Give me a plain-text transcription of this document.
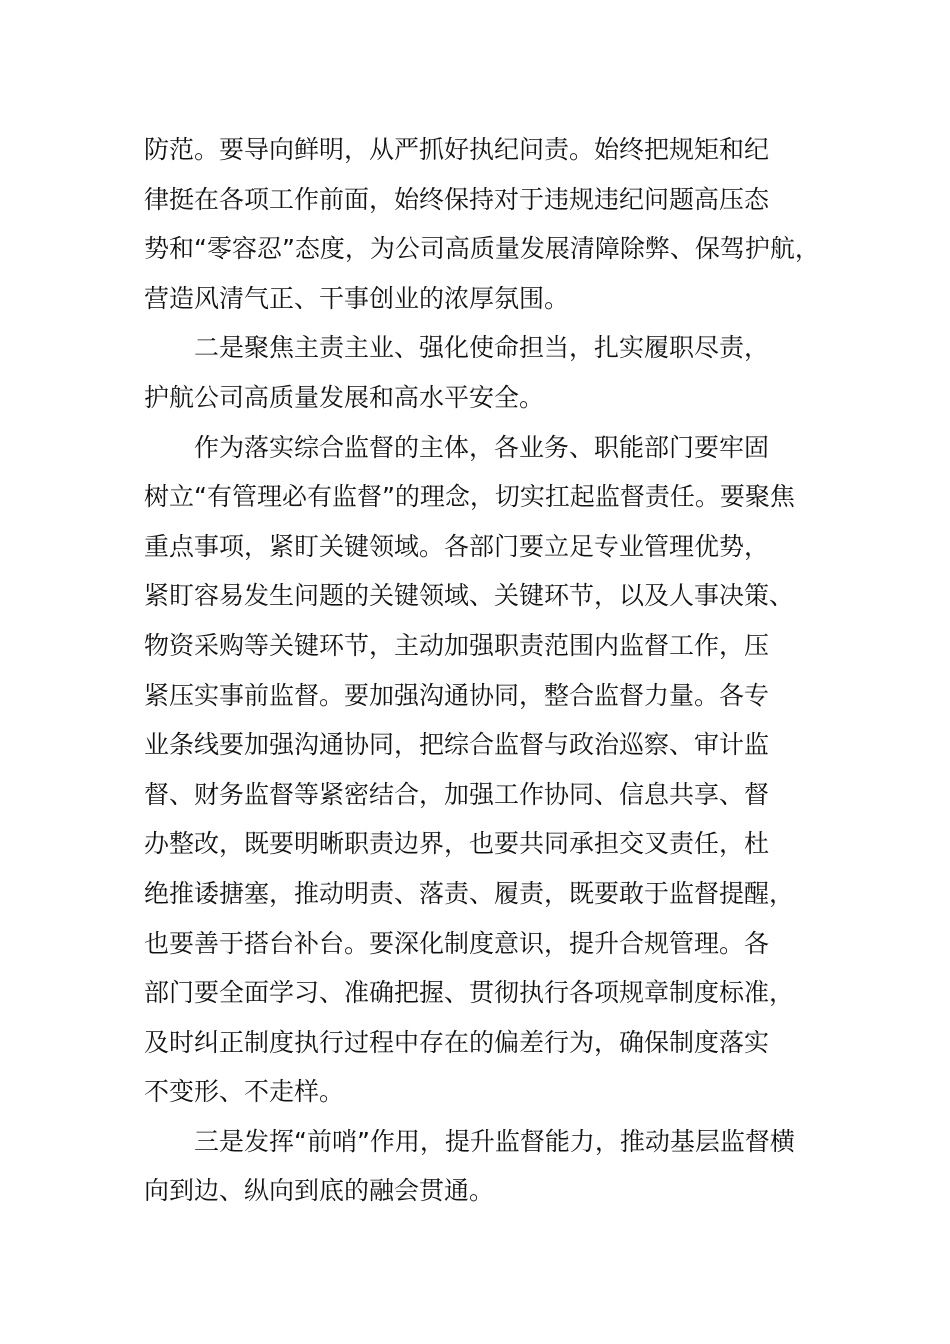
防范。要导向鲜明，从严抓好执纪问责。始终把规矩和纪
律挺在各项工作前面，始终保持对于违规违纪问题高压态
势和“零容忍”态度，为公司高质量发展清障除弊、保驾护航，
营造风清气正、干事创业的浓厚氛围。
二是聚焦主责主业、强化使命担当，扎实履职尽责，
护航公司高质量发展和高水平安全。
作为落实综合监督的主体，各业务、职能部门要牢固
树立“有管理必有监督”的理念，切实扛起监督责任。要聚焦
重点事项，紧盯关键领域。各部门要立足专业管理优势，
紧盯容易发生问题的关键领域、关键环节，以及人事决策、
物资采购等关键环节，主动加强职责范围内监督工作，压
紧压实事前监督。要加强沟通协同，整合监督力量。各专
业条线要加强沟通协同，把综合监督与政治巡察、审计监
督、财务监督等紧密结合，加强工作协同、信息共享、督
办整改，既要明晰职责边界，也要共同承担交叉责任，杜
绝推诿搪塞，推动明责、落责、履责，既要敢于监督提醒，
也要善于搭台补台。要深化制度意识，提升合规管理。各
部门要全面学习、准确把握、贯彻执行各项规章制度标准，
及时纠正制度执行过程中存在的偏差行为，确保制度落实
不变形、不走样。
三是发挥“前哨”作用，提升监督能力，推动基层监督横
向到边、纵向到底的融会贯通。
